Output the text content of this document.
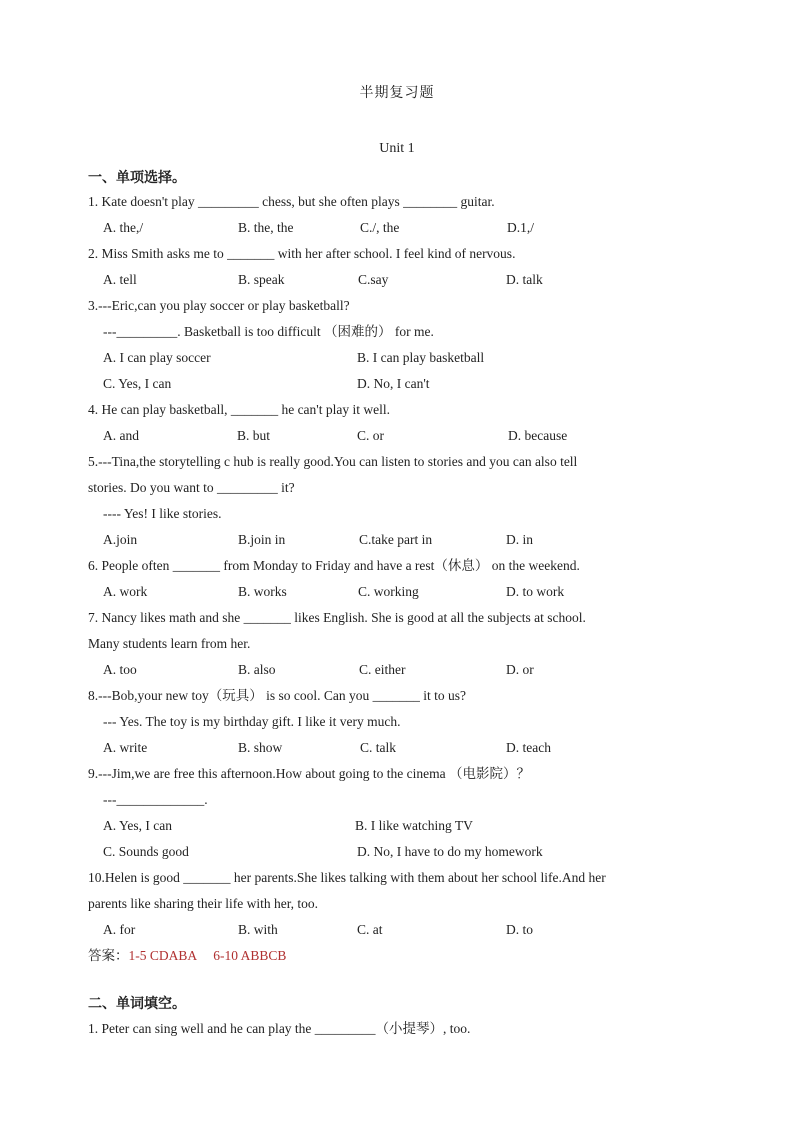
半期复习题
Unit 1
一、单项选择。
1. Kate doesn't play _________ chess, but she often plays ________ guitar.
A. the,/	B. the, the	C./, the	D.1,/
2. Miss Smith asks me to _______ with her after school. I feel kind of nervous.
A. tell	B. speak	C.say	D. talk
3.---Eric,can you play soccer or play basketball?
---_________. Basketball is too difficult （困难的） for me.
A. I can play soccer	B. I can play basketball
C. Yes, I can	D. No, I can't
4. He can play basketball, _______ he can't play it well.
A. and	B. but	C. or	D. because
5.---Tina,the storytelling c hub is really good.You can listen to stories and you can also tell
stories. Do you want to _________ it?
---- Yes! I like stories.
A.join	B.join in	C.take part in	D. in
6. People often _______ from Monday to Friday and have a rest（休息） on the weekend.
A. work	B. works	C. working	D. to work
7. Nancy likes math and she _______ likes English. She is good at all the subjects at school.
Many students learn from her.
A. too	B. also	C. either	D. or
8.---Bob,your new toy（玩具） is so cool. Can you _______ it to us?
--- Yes. The toy is my birthday gift. I like it very much.
A. write	B. show	C. talk	D. teach
9.---Jim,we are free this afternoon.How about going to the cinema （电影院）？
---_____________.
A. Yes, I can	B. I like watching TV
C. Sounds good	D. No, I have to do my homework
10.Helen is good _______ her parents.She likes talking with them about her school life.And her
parents like sharing their life with her, too.
A. for	B. with	C. at	D. to
答案：1-5 CDABA     6-10 ABBCB
二、单词填空。
1. Peter can sing well and he can play the _________（小提琴）, too.
